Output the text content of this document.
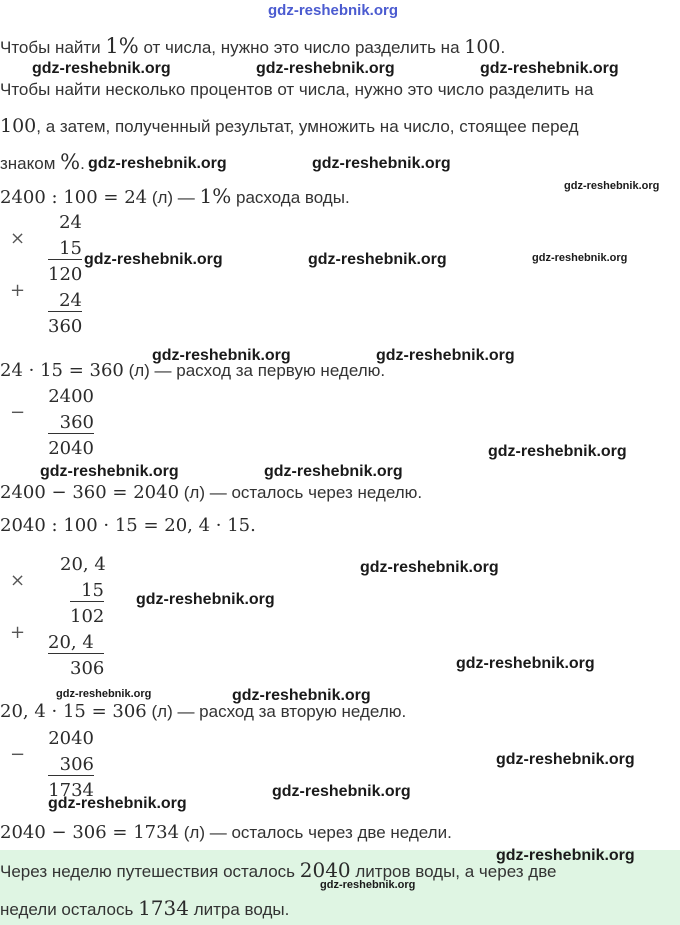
gdz-reshebnik.org
Чтобы найти 1% от числа, нужно это число разделить на 100.
gdz-reshebnik.org	gdz-reshebnik.org	gdz-reshebnik.org
Чтобы найти несколько процентов от числа, нужно это число разделить на
100, а затем, полученный результат, умножить на число, стоящее перед
знаком %. gdz-reshebnik.org	gdz-reshebnik.org
2400 : 100 = 24 (л) — 1% расхода воды.
gdz-reshebnik.org
×
+
24
15
120
24
360
gdz-reshebnik.org	gdz-reshebnik.org	gdz-reshebnik.org
gdz-reshebnik.org	gdz-reshebnik.org
24 · 15 = 360 (л) — расход за первую неделю.
−
2400
360
2040	gdz-reshebnik.org
gdz-reshebnik.org	gdz-reshebnik.org
2400 − 360 = 2040 (л) — осталось через неделю.
2040 : 100 · 15 = 20, 4 · 15.
×
+
20, 4
15
102
20, 4
306
gdz-reshebnik.org
gdz-reshebnik.org
gdz-reshebnik.org
gdz-reshebnik.org	gdz-reshebnik.org
20, 4 · 15 = 306 (л) — расход за вторую неделю.
−
2040
306
1734
gdz-reshebnik.org
gdz-reshebnik.org
gdz-reshebnik.org
2040 − 306 = 1734 (л) — осталось через две недели.
Через неделю путешествия осталось 2040 литров воды, а через две
недели осталось 1734 литра воды.
gdz-reshebnik.org
gdz-reshebnik.org
